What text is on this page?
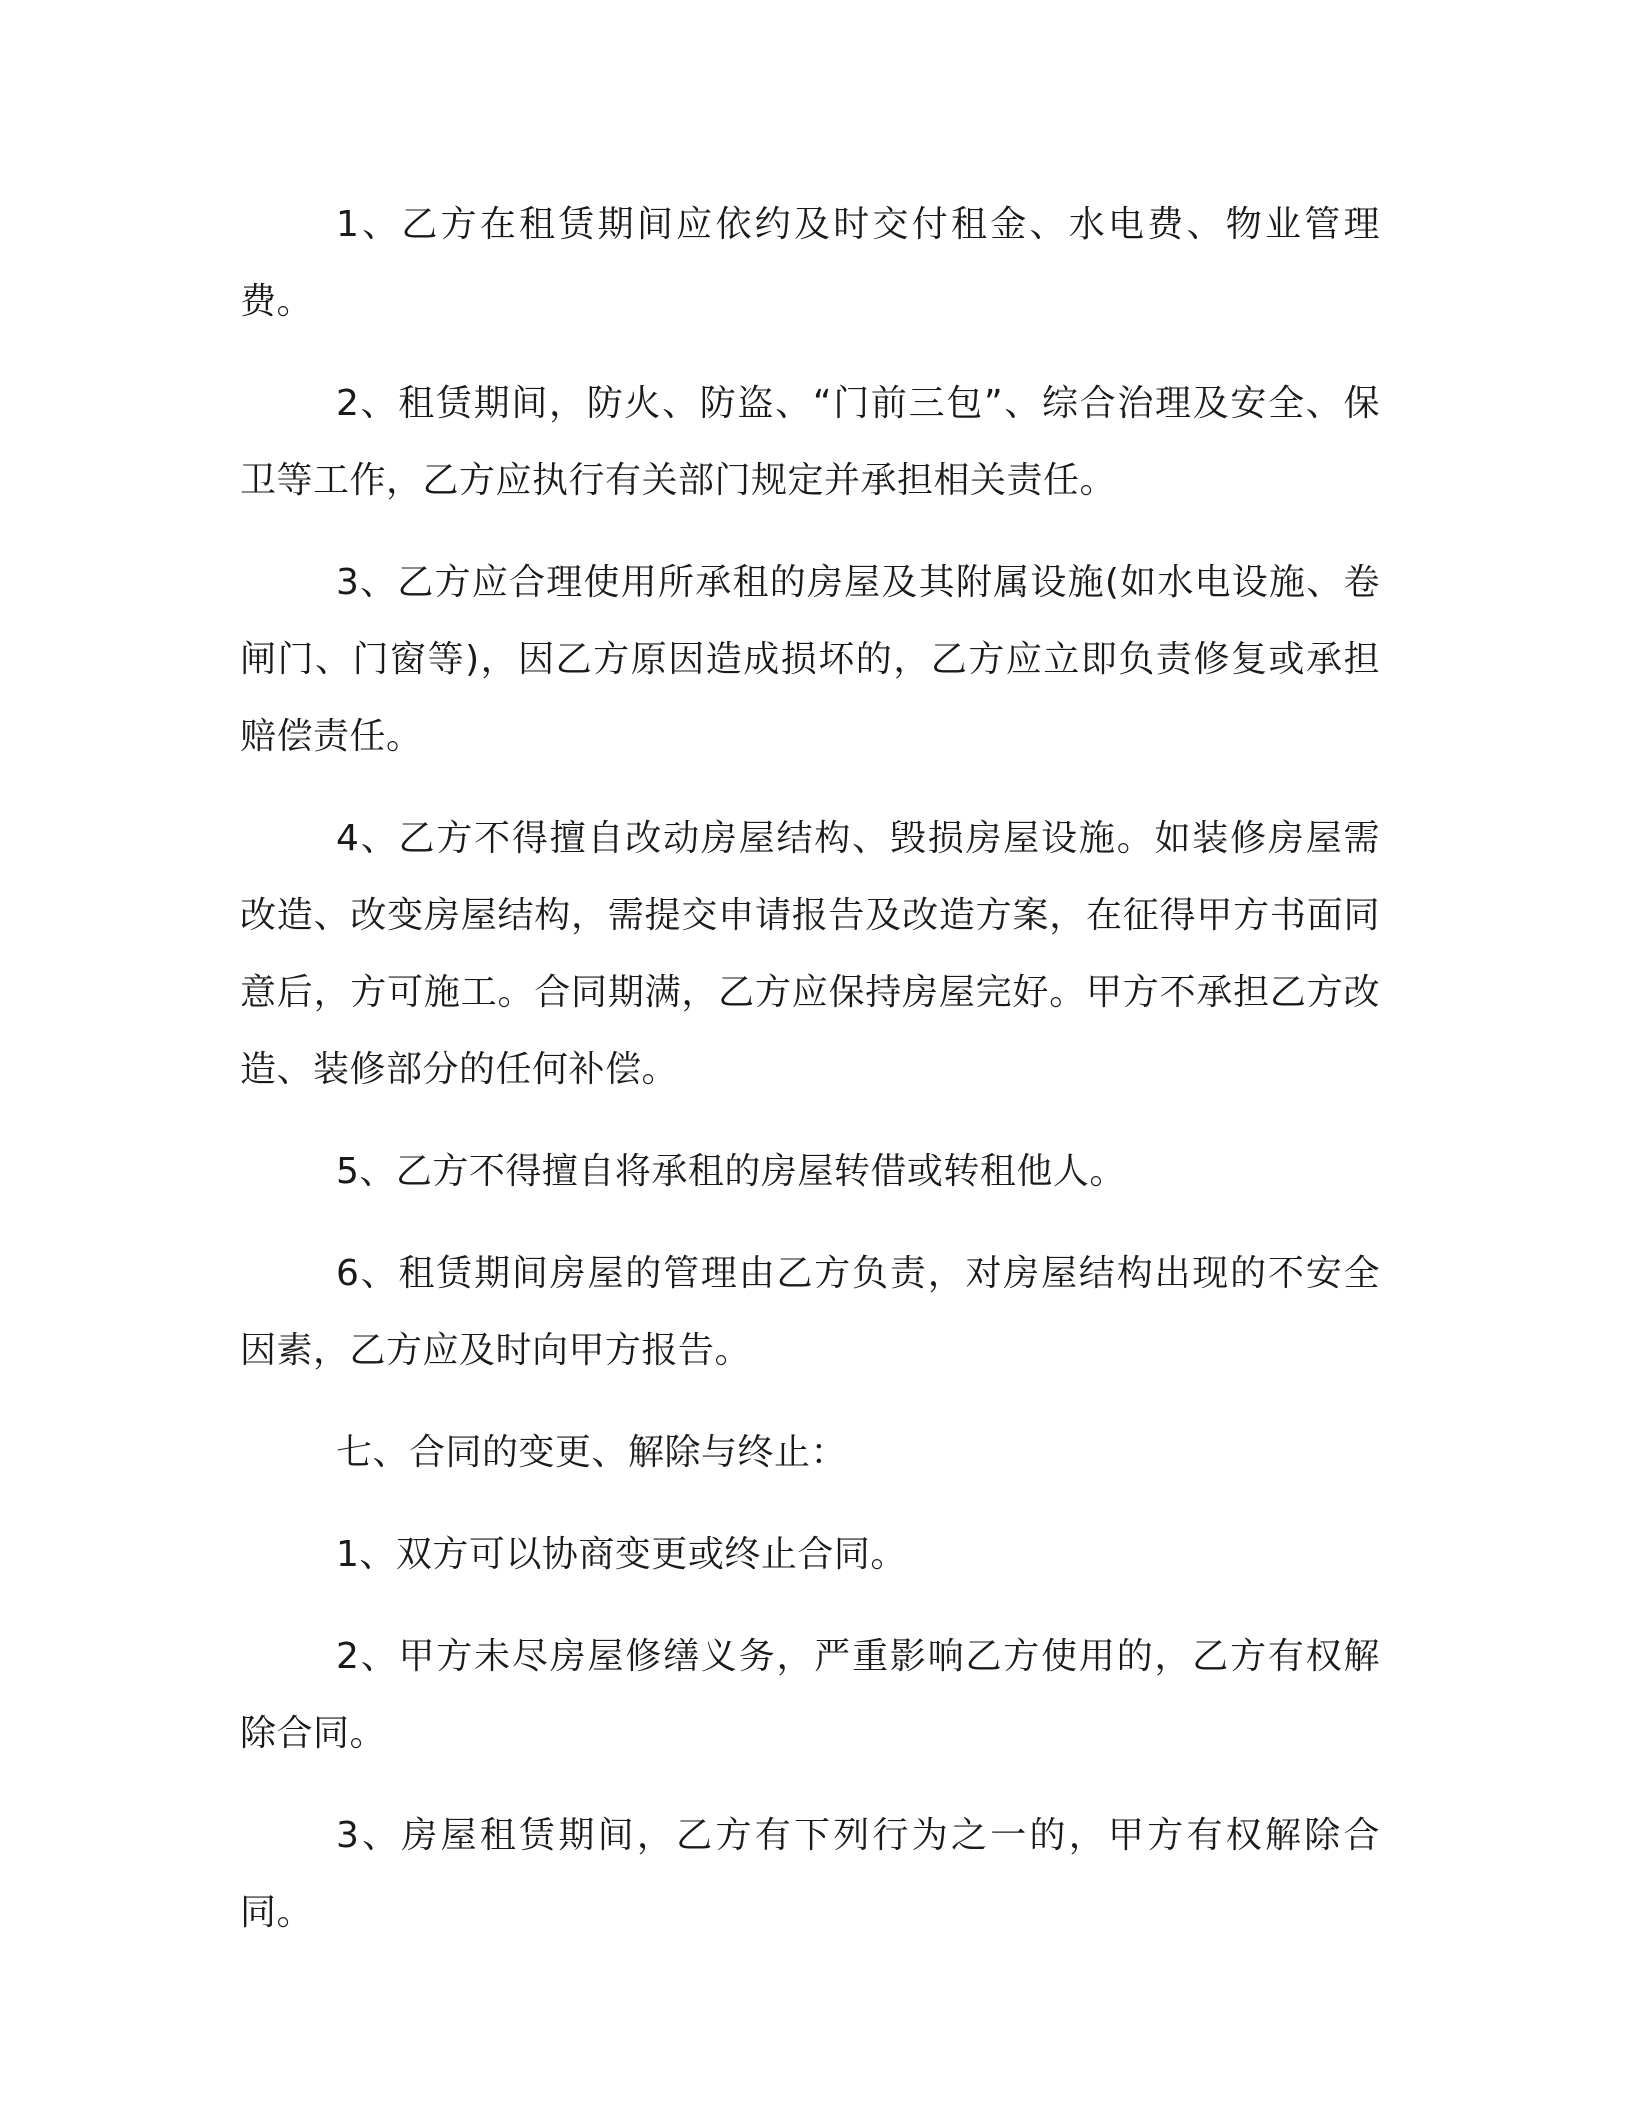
1、乙方在租赁期间应依约及时交付租金、水电费、物业管理费。

2、租赁期间，防火、防盗、“门前三包”、综合治理及安全、保卫等工作，乙方应执行有关部门规定并承担相关责任。

3、乙方应合理使用所承租的房屋及其附属设施(如水电设施、卷闸门、门窗等)，因乙方原因造成损坏的，乙方应立即负责修复或承担赔偿责任。

4、乙方不得擅自改动房屋结构、毁损房屋设施。如装修房屋需改造、改变房屋结构，需提交申请报告及改造方案，在征得甲方书面同意后，方可施工。合同期满，乙方应保持房屋完好。甲方不承担乙方改造、装修部分的任何补偿。

5、乙方不得擅自将承租的房屋转借或转租他人。

6、租赁期间房屋的管理由乙方负责，对房屋结构出现的不安全因素，乙方应及时向甲方报告。

七、合同的变更、解除与终止：

1、双方可以协商变更或终止合同。

2、甲方未尽房屋修缮义务，严重影响乙方使用的，乙方有权解除合同。

3、房屋租赁期间，乙方有下列行为之一的，甲方有权解除合同。
